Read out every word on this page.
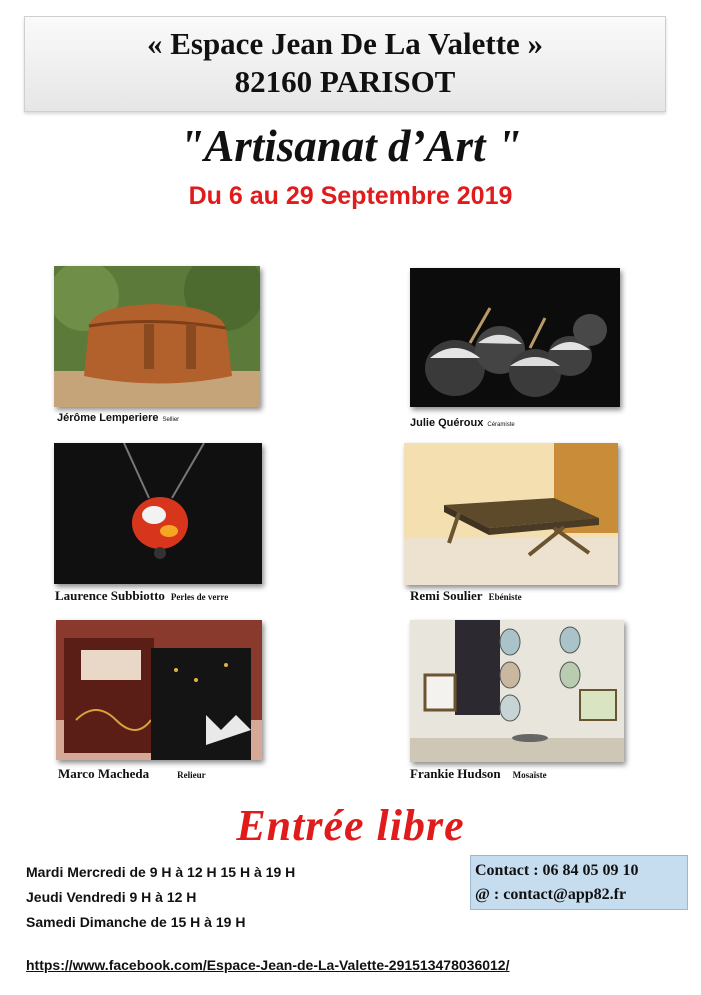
« Espace Jean De La Valette »
82160 PARISOT
"Artisanat d’Art "
Du 6 au 29 Septembre 2019
Jérôme Lemperiere Sellier	Julie Quéroux Céramiste
Laurence Subbiotto Perles de verre	Remi Soulier Ebéniste
Marco Macheda	Relieur	Frankie Hudson Mosaïste
Entrée libre
Mardi Mercredi de 9 H à 12 H 15 H à 19 H
Jeudi Vendredi 9 H à 12 H
Samedi Dimanche de 15 H à 19 H
Contact : 06 84 05 09 10
@ : contact@app82.fr
https://www.facebook.com/Espace-Jean-de-La-Valette-291513478036012/
